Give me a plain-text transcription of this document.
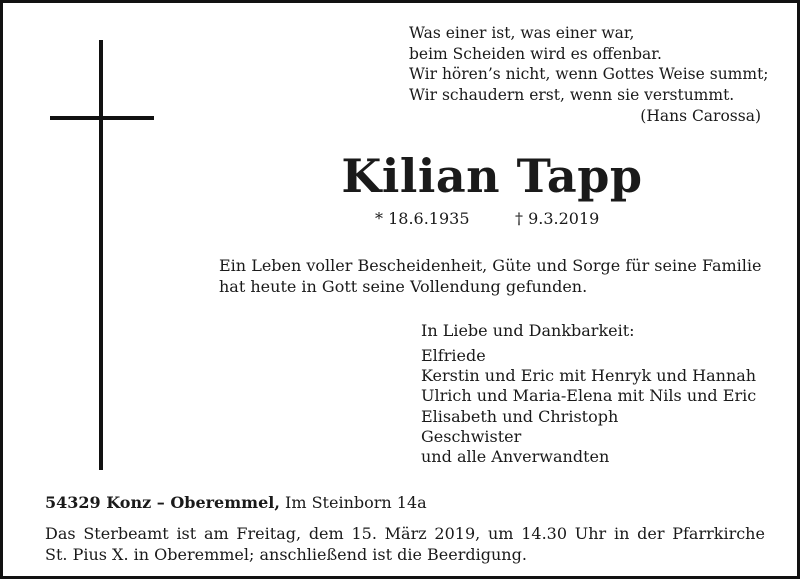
Was einer ist, was einer war,
beim Scheiden wird es offenbar.
Wir hören’s nicht, wenn Gottes Weise summt;
Wir schaudern erst, wenn sie verstummt.
(Hans Carossa)
Kilian Tapp
* 18.6.1935	† 9.3.2019
Ein Leben voller Bescheidenheit, Güte und Sorge für seine Familie
hat heute in Gott seine Vollendung gefunden.
In Liebe und Dankbarkeit:
Elfriede
Kerstin und Eric mit Henryk und Hannah
Ulrich und Maria-Elena mit Nils und Eric
Elisabeth und Christoph
Geschwister
und alle Anverwandten
54329 Konz – Oberemmel, Im Steinborn 14a
Das Sterbeamt ist am Freitag, dem 15. März 2019, um 14.30 Uhr in der Pfarrkirche
St. Pius X. in Oberemmel; anschließend ist die Beerdigung.
